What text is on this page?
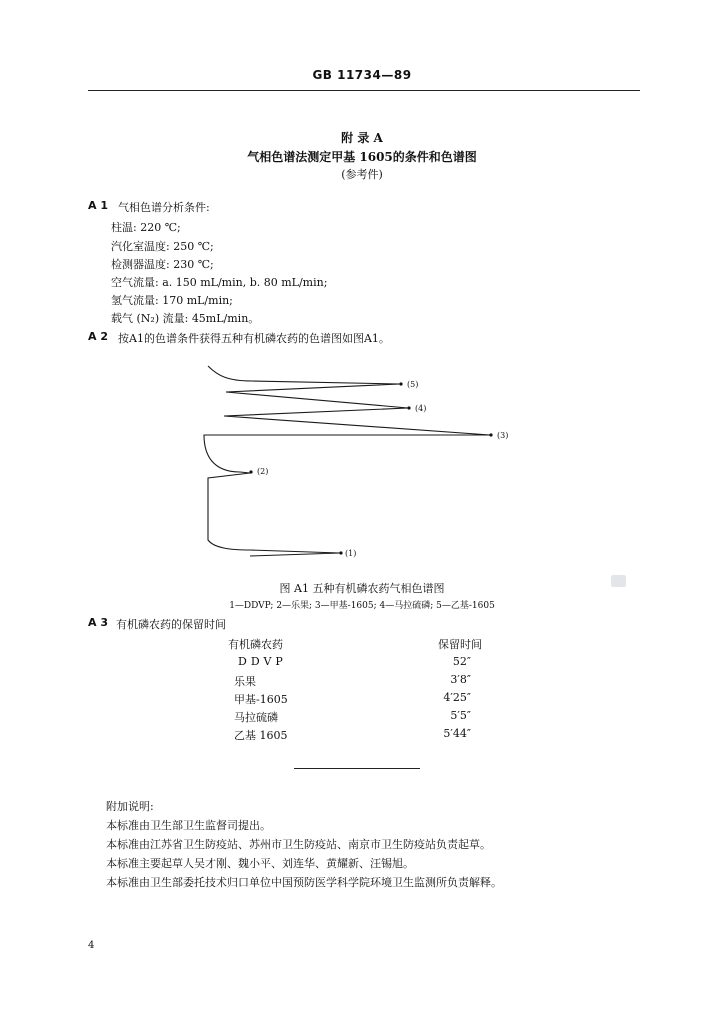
GB 11734—89
附 录 A
气相色谱法测定甲基 1605的条件和色谱图
(参考件)
A 1 气相色谱分析条件:
柱温: 220 ℃;
汽化室温度: 250 ℃;
检测器温度: 230 ℃;
空气流量: a. 150 mL/min, b. 80 mL/min;
氢气流量: 170 mL/min;
载气 (N₂) 流量: 45mL/min。
A 2 按A1的色谱条件获得五种有机磷农药的色谱图如图A1。
(5)
(4)
(3)
(2)
(1)
图 A1 五种有机磷农药气相色谱图
1—DDVP; 2—乐果; 3—甲基-1605; 4—马拉硫磷; 5—乙基-1605
A 3 有机磷农药的保留时间
有机磷农药	保留时间
DDVP	52″
乐果	3′8″
甲基-1605	4′25″
马拉硫磷	5′5″
乙基 1605	5′44″
附加说明:
本标准由卫生部卫生监督司提出。
本标准由江苏省卫生防疫站、苏州市卫生防疫站、南京市卫生防疫站负责起草。
本标准主要起草人吴才刚、魏小平、刘连华、黄耀新、汪锡旭。
本标准由卫生部委托技术归口单位中国预防医学科学院环境卫生监测所负责解释。
4
